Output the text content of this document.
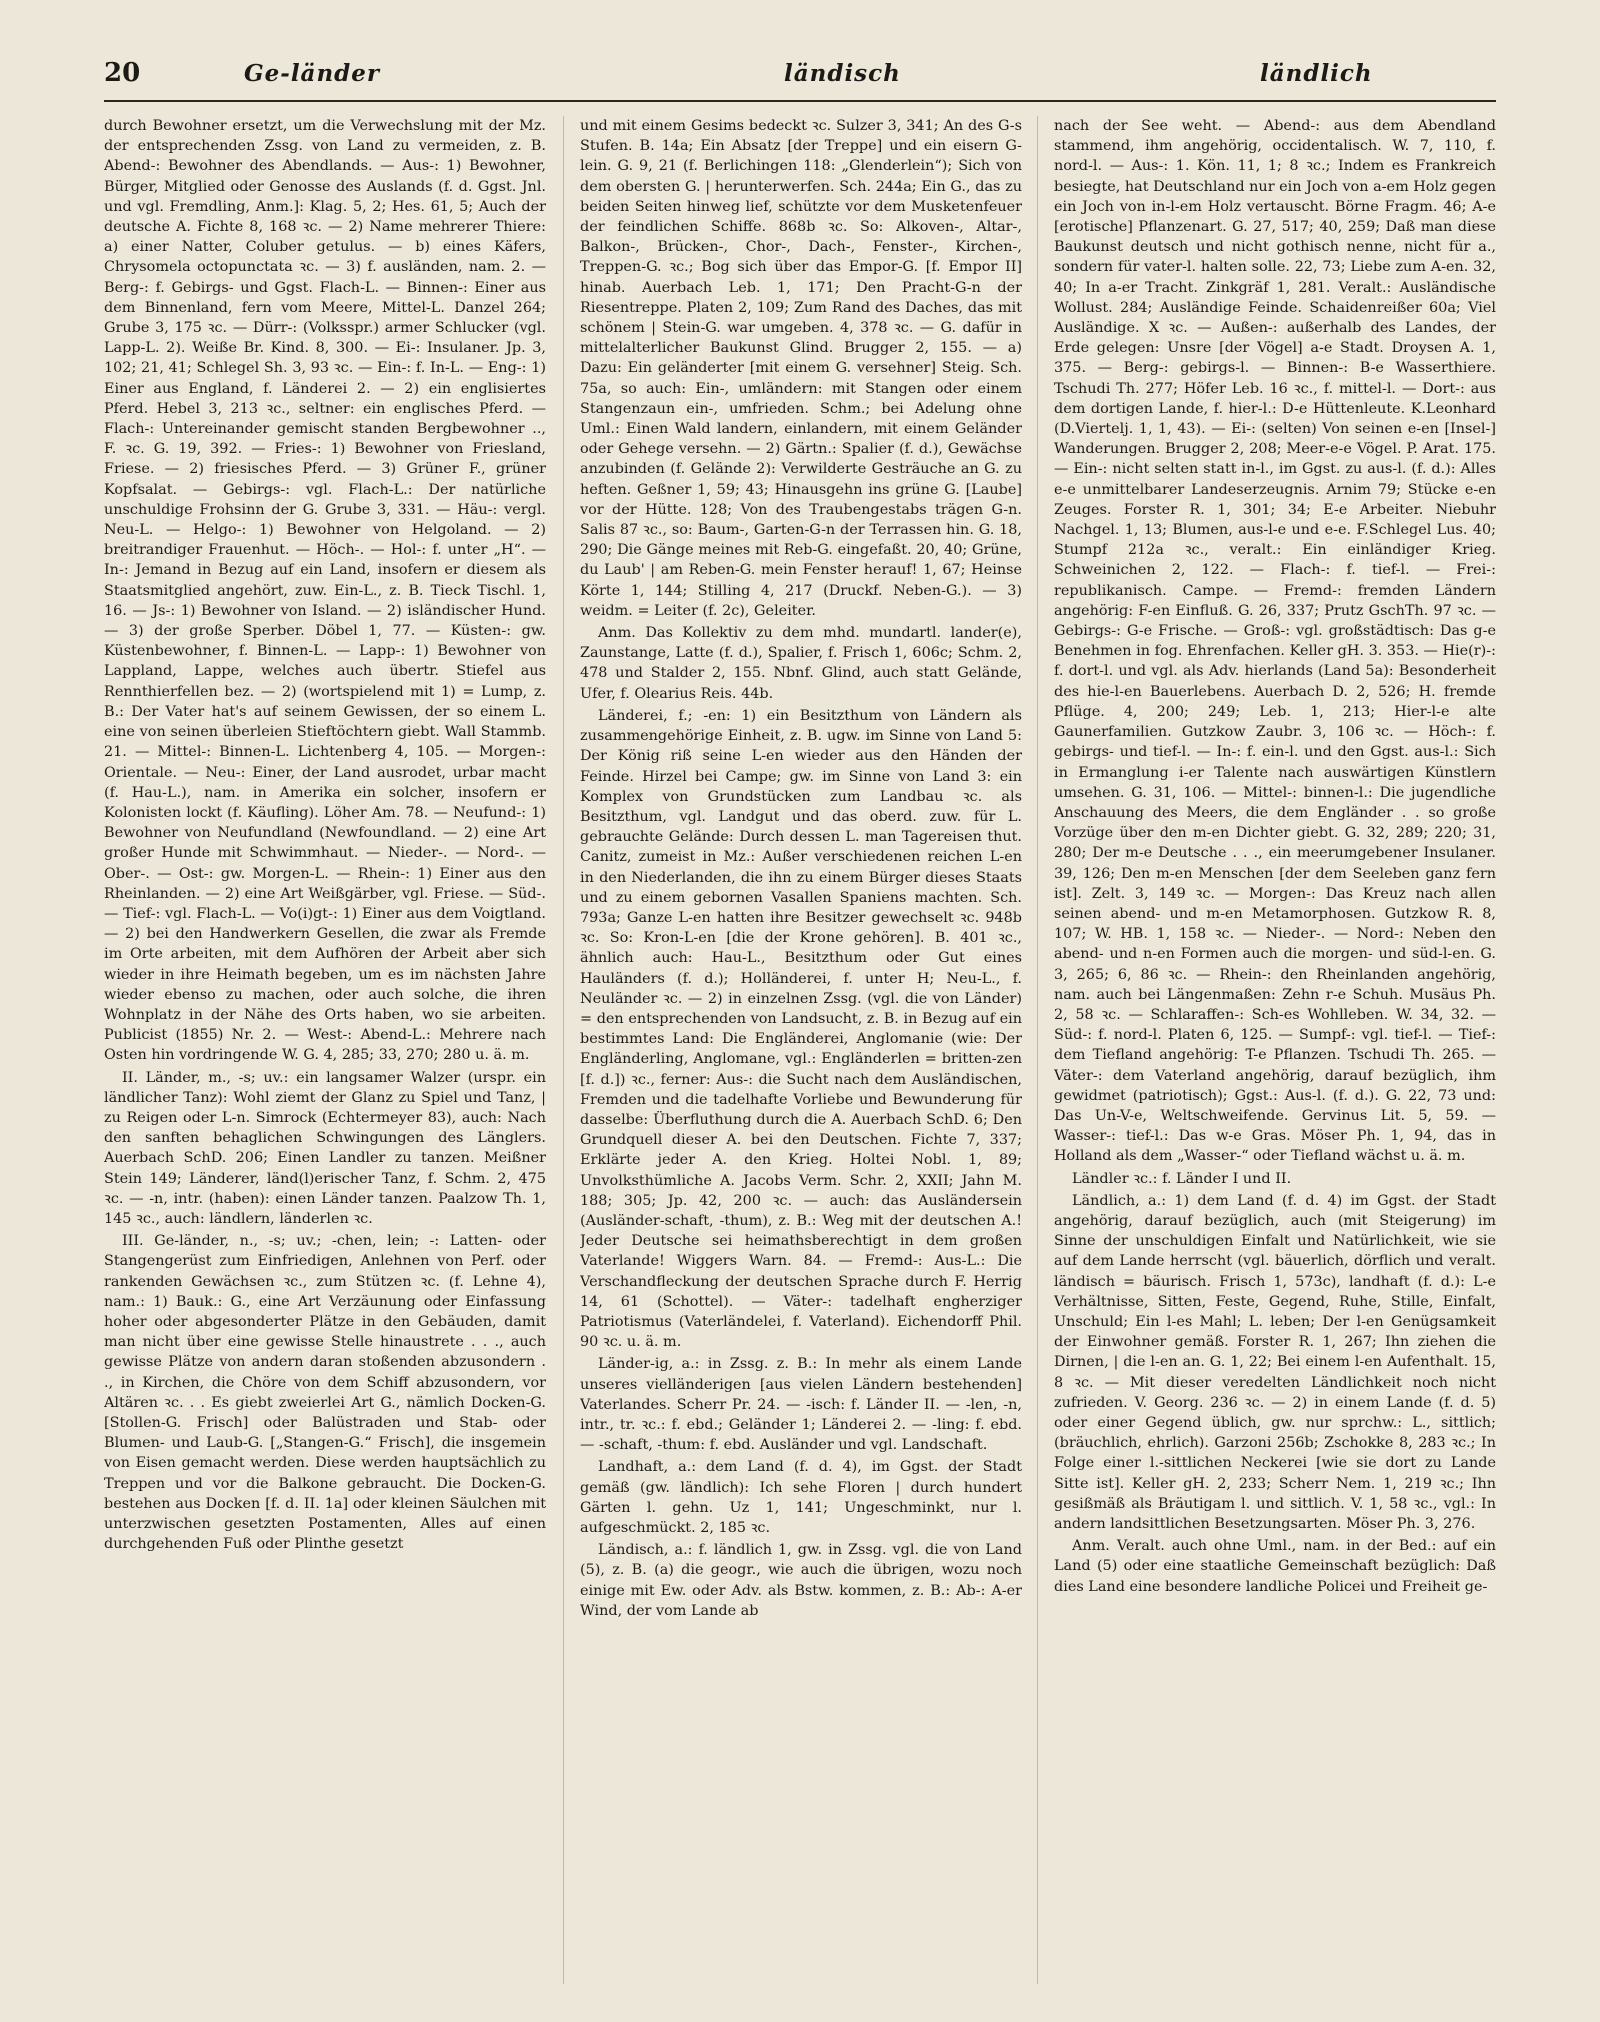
20	Ge-länder	ländisch	ländlich

durch Bewohner ersetzt, um die Verwechslung mit der Mz. der entsprechenden Zssg. von Land zu vermeiden, z. B. Abend-: Bewohner des Abendlands. — Aus-: 1) Bewohner, Bürger, Mitglied oder Genosse des Auslands (f. d. Ggst. Jnl. und vgl. Fremdling, Anm.]: Klag. 5, 2; Hes. 61, 5; Auch der deutsche A. Fichte 8, 168 ꝛc. — 2) Name mehrerer Thiere: a) einer Natter, Coluber getulus. — b) eines Käfers, Chrysomela octopunctata ꝛc. — 3) f. ausländen, nam. 2. — Berg-: f. Gebirgs- und Ggst. Flach-L. — Binnen-: Einer aus dem Binnenland, fern vom Meere, Mittel-L. Danzel 264; Grube 3, 175 ꝛc. — Dürr-: (Volksspr.) armer Schlucker (vgl. Lapp-L. 2). Weiße Br. Kind. 8, 300. — Ei-: Insulaner. Jp. 3, 102; 21, 41; Schlegel Sh. 3, 93 ꝛc. — Ein-: f. In-L. — Eng-: 1) Einer aus England, f. Länderei 2. — 2) ein englisiertes Pferd. Hebel 3, 213 ꝛc., seltner: ein englisches Pferd. — Flach-: Untereinander gemischt standen Bergbewohner .., F. ꝛc. G. 19, 392. — Fries-: 1) Bewohner von Friesland, Friese. — 2) friesisches Pferd. — 3) Grüner F., grüner Kopfsalat. — Gebirgs-: vgl. Flach-L.: Der natürliche unschuldige Frohsinn der G. Grube 3, 331. — Häu-: vergl. Neu-L. — Helgo-: 1) Bewohner von Helgoland. — 2) breitrandiger Frauenhut. — Höch-. — Hol-: f. unter „H“. — In-: Jemand in Bezug auf ein Land, insofern er diesem als Staatsmitglied angehört, zuw. Ein-L., z. B. Tieck Tischl. 1, 16. — Js-: 1) Bewohner von Island. — 2) isländischer Hund. — 3) der große Sperber. Döbel 1, 77. — Küsten-: gw. Küstenbewohner, f. Binnen-L. — Lapp-: 1) Bewohner von Lappland, Lappe, welches auch übertr. Stiefel aus Rennthierfellen bez. — 2) (wortspielend mit 1) = Lump, z. B.: Der Vater hat's auf seinem Gewissen, der so einem L. eine von seinen überleien Stieftöchtern giebt. Wall Stammb. 21. — Mittel-: Binnen-L. Lichtenberg 4, 105. — Morgen-: Orientale. — Neu-: Einer, der Land ausrodet, urbar macht (f. Hau-L.), nam. in Amerika ein solcher, insofern er Kolonisten lockt (f. Käufling). Löher Am. 78. — Neufund-: 1) Bewohner von Neufundland (Newfoundland. — 2) eine Art großer Hunde mit Schwimmhaut. — Nieder-. — Nord-. — Ober-. — Ost-: gw. Morgen-L. — Rhein-: 1) Einer aus den Rheinlanden. — 2) eine Art Weißgärber, vgl. Friese. — Süd-. — Tief-: vgl. Flach-L. — Vo(i)gt-: 1) Einer aus dem Voigtland. — 2) bei den Handwerkern Gesellen, die zwar als Fremde im Orte arbeiten, mit dem Aufhören der Arbeit aber sich wieder in ihre Heimath begeben, um es im nächsten Jahre wieder ebenso zu machen, oder auch solche, die ihren Wohnplatz in der Nähe des Orts haben, wo sie arbeiten. Publicist (1855) Nr. 2. — West-: Abend-L.: Mehrere nach Osten hin vordringende W. G. 4, 285; 33, 270; 280 u. ä. m.

II. Länder, m., -s; uv.: ein langsamer Walzer (urspr. ein ländlicher Tanz): Wohl ziemt der Glanz zu Spiel und Tanz, | zu Reigen oder L-n. Simrock (Echtermeyer 83), auch: Nach den sanften behaglichen Schwingungen des Länglers. Auerbach SchD. 206; Einen Landler zu tanzen. Meißner Stein 149; Länderer, länd(l)erischer Tanz, f. Schm. 2, 475 ꝛc. — -n, intr. (haben): einen Länder tanzen. Paalzow Th. 1, 145 ꝛc., auch: ländlern, länderlen ꝛc.

III. Ge-länder, n., -s; uv.; -chen, lein; -: Latten- oder Stangengerüst zum Einfriedigen, Anlehnen von Perf. oder rankenden Gewächsen ꝛc., zum Stützen ꝛc. (f. Lehne 4), nam.: 1) Bauk.: G., eine Art Verzäunung oder Einfassung hoher oder abgesonderter Plätze in den Gebäuden, damit man nicht über eine gewisse Stelle hinaustrete . . ., auch gewisse Plätze von andern daran stoßenden abzusondern . ., in Kirchen, die Chöre von dem Schiff abzusondern, vor Altären ꝛc. . . Es giebt zweierlei Art G., nämlich Docken-G. [Stollen-G. Frisch] oder Balüstraden und Stab- oder Blumen- und Laub-G. [„Stangen-G.“ Frisch], die insgemein von Eisen gemacht werden. Diese werden hauptsächlich zu Treppen und vor die Balkone gebraucht. Die Docken-G. bestehen aus Docken [f. d. II. 1a] oder kleinen Säulchen mit unterzwischen gesetzten Postamenten, Alles auf einen durchgehenden Fuß oder Plinthe gesetzt

und mit einem Gesims bedeckt ꝛc. Sulzer 3, 341; An des G-s Stufen. B. 14a; Ein Absatz [der Treppe] und ein eisern G-lein. G. 9, 21 (f. Berlichingen 118: „Glenderlein“); Sich von dem obersten G. | herunterwerfen. Sch. 244a; Ein G., das zu beiden Seiten hinweg lief, schützte vor dem Musketenfeuer der feindlichen Schiffe. 868b ꝛc. So: Alkoven-, Altar-, Balkon-, Brücken-, Chor-, Dach-, Fenster-, Kirchen-, Treppen-G. ꝛc.; Bog sich über das Empor-G. [f. Empor II] hinab. Auerbach Leb. 1, 171; Den Pracht-G-n der Riesentreppe. Platen 2, 109; Zum Rand des Daches, das mit schönem | Stein-G. war umgeben. 4, 378 ꝛc. — G. dafür in mittelalterlicher Baukunst Glind. Brugger 2, 155. — a) Dazu: Ein geländerter [mit einem G. versehner] Steig. Sch. 75a, so auch: Ein-, umländern: mit Stangen oder einem Stangenzaun ein-, umfrieden. Schm.; bei Adelung ohne Uml.: Einen Wald landern, einlandern, mit einem Geländer oder Gehege versehn. — 2) Gärtn.: Spalier (f. d.), Gewächse anzubinden (f. Gelände 2): Verwilderte Gesträuche an G. zu heften. Geßner 1, 59; 43; Hinausgehn ins grüne G. [Laube] vor der Hütte. 128; Von des Traubengestabs trägen G-n. Salis 87 ꝛc., so: Baum-, Garten-G-n der Terrassen hin. G. 18, 290; Die Gänge meines mit Reb-G. eingefaßt. 20, 40; Grüne, du Laub' | am Reben-G. mein Fenster herauf! 1, 67; Heinse Körte 1, 144; Stilling 4, 217 (Druckf. Neben-G.). — 3) weidm. = Leiter (f. 2c), Geleiter.

Anm. Das Kollektiv zu dem mhd. mundartl. lander(e), Zaunstange, Latte (f. d.), Spalier, f. Frisch 1, 606c; Schm. 2, 478 und Stalder 2, 155. Nbnf. Glind, auch statt Gelände, Ufer, f. Olearius Reis. 44b.

Länderei, f.; -en: 1) ein Besitzthum von Ländern als zusammengehörige Einheit, z. B. ugw. im Sinne von Land 5: Der König riß seine L-en wieder aus den Händen der Feinde. Hirzel bei Campe; gw. im Sinne von Land 3: ein Komplex von Grundstücken zum Landbau ꝛc. als Besitzthum, vgl. Landgut und das oberd. zuw. für L. gebrauchte Gelände: Durch dessen L. man Tagereisen thut. Canitz, zumeist in Mz.: Außer verschiedenen reichen L-en in den Niederlanden, die ihn zu einem Bürger dieses Staats und zu einem gebornen Vasallen Spaniens machten. Sch. 793a; Ganze L-en hatten ihre Besitzer gewechselt ꝛc. 948b ꝛc. So: Kron-L-en [die der Krone gehören]. B. 401 ꝛc., ähnlich auch: Hau-L., Besitzthum oder Gut eines Hauländers (f. d.); Holländerei, f. unter H; Neu-L., f. Neuländer ꝛc. — 2) in einzelnen Zssg. (vgl. die von Länder) = den entsprechenden von Landsucht, z. B. in Bezug auf ein bestimmtes Land: Die Engländerei, Anglomanie (wie: Der Engländerling, Anglomane, vgl.: Engländerlen = britten-zen [f. d.]) ꝛc., ferner: Aus-: die Sucht nach dem Ausländischen, Fremden und die tadelhafte Vorliebe und Bewunderung für dasselbe: Überfluthung durch die A. Auerbach SchD. 6; Den Grundquell dieser A. bei den Deutschen. Fichte 7, 337; Erklärte jeder A. den Krieg. Holtei Nobl. 1, 89; Unvolksthümliche A. Jacobs Verm. Schr. 2, XXII; Jahn M. 188; 305; Jp. 42, 200 ꝛc. — auch: das Ausländersein (Ausländer-schaft, -thum), z. B.: Weg mit der deutschen A.! Jeder Deutsche sei heimathsberechtigt in dem großen Vaterlande! Wiggers Warn. 84. — Fremd-: Aus-L.: Die Verschandfleckung der deutschen Sprache durch F. Herrig 14, 61 (Schottel). — Väter-: tadelhaft engherziger Patriotismus (Vaterländelei, f. Vaterland). Eichendorff Phil. 90 ꝛc. u. ä. m.

Länder-ig, a.: in Zssg. z. B.: In mehr als einem Lande unseres vielländerigen [aus vielen Ländern bestehenden] Vaterlandes. Scherr Pr. 24. — -isch: f. Länder II. — -len, -n, intr., tr. ꝛc.: f. ebd.; Geländer 1; Länderei 2. — -ling: f. ebd. — -schaft, -thum: f. ebd. Ausländer und vgl. Landschaft.

Landhaft, a.: dem Land (f. d. 4), im Ggst. der Stadt gemäß (gw. ländlich): Ich sehe Floren | durch hundert Gärten l. gehn. Uz 1, 141; Ungeschminkt, nur l. aufgeschmückt. 2, 185 ꝛc.

Ländisch, a.: f. ländlich 1, gw. in Zssg. vgl. die von Land (5), z. B. (a) die geogr., wie auch die übrigen, wozu noch einige mit Ew. oder Adv. als Bstw. kommen, z. B.: Ab-: A-er Wind, der vom Lande ab

nach der See weht. — Abend-: aus dem Abendland stammend, ihm angehörig, occidentalisch. W. 7, 110, f. nord-l. — Aus-: 1. Kön. 11, 1; 8 ꝛc.; Indem es Frankreich besiegte, hat Deutschland nur ein Joch von a-em Holz gegen ein Joch von in-l-em Holz vertauscht. Börne Fragm. 46; A-e [erotische] Pflanzenart. G. 27, 517; 40, 259; Daß man diese Baukunst deutsch und nicht gothisch nenne, nicht für a., sondern für vater-l. halten solle. 22, 73; Liebe zum A-en. 32, 40; In a-er Tracht. Zinkgräf 1, 281. Veralt.: Ausländische Wollust. 284; Ausländige Feinde. Schaidenreißer 60a; Viel Ausländige. X ꝛc. — Außen-: außerhalb des Landes, der Erde gelegen: Unsre [der Vögel] a-e Stadt. Droysen A. 1, 375. — Berg-: gebirgs-l. — Binnen-: B-e Wasserthiere. Tschudi Th. 277; Höfer Leb. 16 ꝛc., f. mittel-l. — Dort-: aus dem dortigen Lande, f. hier-l.: D-e Hüttenleute. K.Leonhard (D.Viertelj. 1, 1, 43). — Ei-: (selten) Von seinen e-en [Insel-] Wanderungen. Brugger 2, 208; Meer-e-e Vögel. P. Arat. 175. — Ein-: nicht selten statt in-l., im Ggst. zu aus-l. (f. d.): Alles e-e unmittelbarer Landeserzeugnis. Arnim 79; Stücke e-en Zeuges. Forster R. 1, 301; 34; E-e Arbeiter. Niebuhr Nachgel. 1, 13; Blumen, aus-l-e und e-e. F.Schlegel Lus. 40; Stumpf 212a ꝛc., veralt.: Ein einländiger Krieg. Schweinichen 2, 122. — Flach-: f. tief-l. — Frei-: republikanisch. Campe. — Fremd-: fremden Ländern angehörig: F-en Einfluß. G. 26, 337; Prutz GschTh. 97 ꝛc. — Gebirgs-: G-e Frische. — Groß-: vgl. großstädtisch: Das g-e Benehmen in fog. Ehrenfachen. Keller gH. 3. 353. — Hie(r)-: f. dort-l. und vgl. als Adv. hierlands (Land 5a): Besonderheit des hie-l-en Bauerlebens. Auerbach D. 2, 526; H. fremde Pflüge. 4, 200; 249; Leb. 1, 213; Hier-l-e alte Gaunerfamilien. Gutzkow Zaubr. 3, 106 ꝛc. — Höch-: f. gebirgs- und tief-l. — In-: f. ein-l. und den Ggst. aus-l.: Sich in Ermanglung i-er Talente nach auswärtigen Künstlern umsehen. G. 31, 106. — Mittel-: binnen-l.: Die jugendliche Anschauung des Meers, die dem Engländer . . so große Vorzüge über den m-en Dichter giebt. G. 32, 289; 220; 31, 280; Der m-e Deutsche . . ., ein meerumgebener Insulaner. 39, 126; Den m-en Menschen [der dem Seeleben ganz fern ist]. Zelt. 3, 149 ꝛc. — Morgen-: Das Kreuz nach allen seinen abend- und m-en Metamorphosen. Gutzkow R. 8, 107; W. HB. 1, 158 ꝛc. — Nieder-. — Nord-: Neben den abend- und n-en Formen auch die morgen- und süd-l-en. G. 3, 265; 6, 86 ꝛc. — Rhein-: den Rheinlanden angehörig, nam. auch bei Längenmaßen: Zehn r-e Schuh. Musäus Ph. 2, 58 ꝛc. — Schlaraffen-: Sch-es Wohlleben. W. 34, 32. — Süd-: f. nord-l. Platen 6, 125. — Sumpf-: vgl. tief-l. — Tief-: dem Tiefland angehörig: T-e Pflanzen. Tschudi Th. 265. — Väter-: dem Vaterland angehörig, darauf bezüglich, ihm gewidmet (patriotisch); Ggst.: Aus-l. (f. d.). G. 22, 73 und: Das Un-V-e, Weltschweifende. Gervinus Lit. 5, 59. — Wasser-: tief-l.: Das w-e Gras. Möser Ph. 1, 94, das in Holland als dem „Wasser-“ oder Tiefland wächst u. ä. m.

Ländler ꝛc.: f. Länder I und II.

Ländlich, a.: 1) dem Land (f. d. 4) im Ggst. der Stadt angehörig, darauf bezüglich, auch (mit Steigerung) im Sinne der unschuldigen Einfalt und Natürlichkeit, wie sie auf dem Lande herrscht (vgl. bäuerlich, dörflich und veralt. ländisch = bäurisch. Frisch 1, 573c), landhaft (f. d.): L-e Verhältnisse, Sitten, Feste, Gegend, Ruhe, Stille, Einfalt, Unschuld; Ein l-es Mahl; L. leben; Der l-en Genügsamkeit der Einwohner gemäß. Forster R. 1, 267; Ihn ziehen die Dirnen, | die l-en an. G. 1, 22; Bei einem l-en Aufenthalt. 15, 8 ꝛc. — Mit dieser veredelten Ländlichkeit noch nicht zufrieden. V. Georg. 236 ꝛc. — 2) in einem Lande (f. d. 5) oder einer Gegend üblich, gw. nur sprchw.: L., sittlich; (bräuchlich, ehrlich). Garzoni 256b; Zschokke 8, 283 ꝛc.; In Folge einer l.-sittlichen Neckerei [wie sie dort zu Lande Sitte ist]. Keller gH. 2, 233; Scherr Nem. 1, 219 ꝛc.; Ihn gesißmäß als Bräutigam l. und sittlich. V. 1, 58 ꝛc., vgl.: In andern landsittlichen Besetzungsarten. Möser Ph. 3, 276.

Anm. Veralt. auch ohne Uml., nam. in der Bed.: auf ein Land (5) oder eine staatliche Gemeinschaft bezüglich: Daß dies Land eine besondere landliche Policei und Freiheit ge-
